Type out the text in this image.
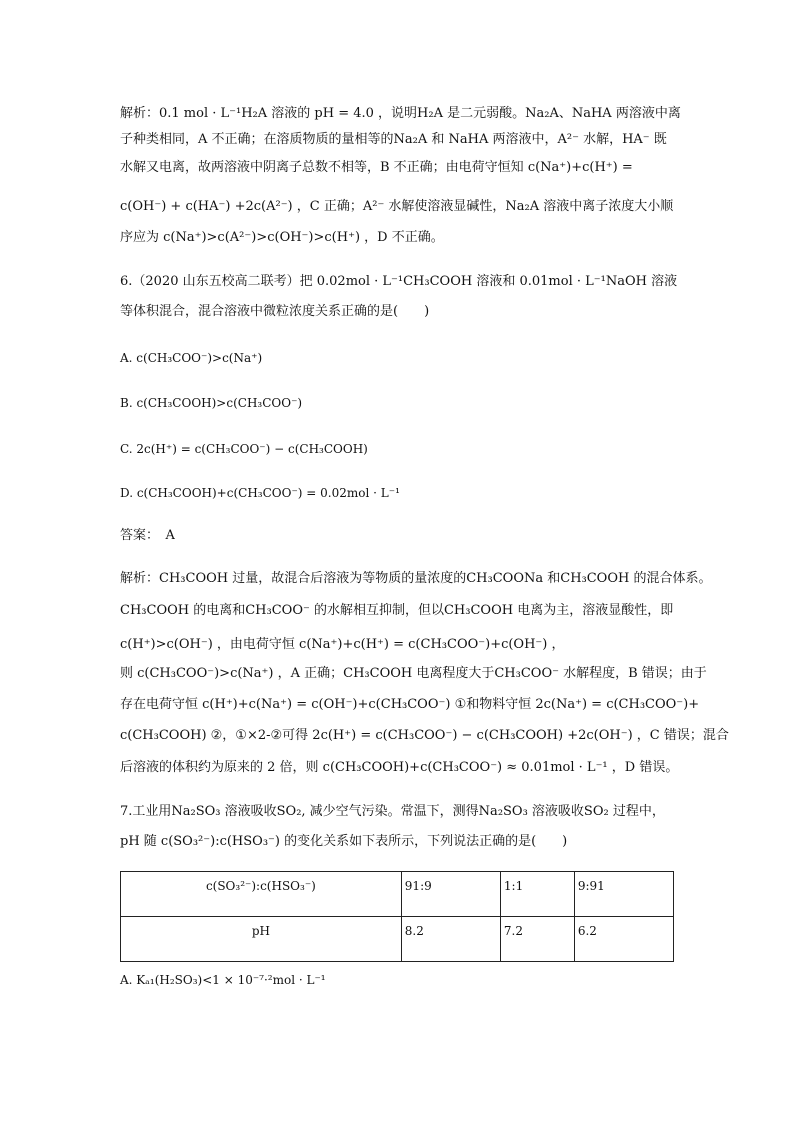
解析：0.1 mol · L⁻¹H₂A 溶液的 pH = 4.0 ，说明H₂A 是二元弱酸。Na₂A、NaHA 两溶液中离
子种类相同，A 不正确；在溶质物质的量相等的Na₂A 和 NaHA 两溶液中，A²⁻ 水解，HA⁻ 既
水解又电离，故两溶液中阴离子总数不相等，B 不正确；由电荷守恒知 c(Na⁺)+c(H⁺) =
c(OH⁻) + c(HA⁻) +2c(A²⁻) ，C 正确；A²⁻ 水解使溶液显碱性，Na₂A 溶液中离子浓度大小顺
序应为 c(Na⁺)>c(A²⁻)>c(OH⁻)>c(H⁺) ，D 不正确。
6.（2020 山东五校高二联考）把 0.02mol · L⁻¹CH₃COOH 溶液和 0.01mol · L⁻¹NaOH 溶液
等体积混合，混合溶液中微粒浓度关系正确的是(　　)
A. c(CH₃COO⁻)>c(Na⁺)
B. c(CH₃COOH)>c(CH₃COO⁻)
C. 2c(H⁺) = c(CH₃COO⁻) − c(CH₃COOH)
D. c(CH₃COOH)+c(CH₃COO⁻) = 0.02mol · L⁻¹
答案：　A
解析：CH₃COOH 过量，故混合后溶液为等物质的量浓度的CH₃COONa 和CH₃COOH 的混合体系。
CH₃COOH 的电离和CH₃COO⁻ 的水解相互抑制，但以CH₃COOH 电离为主，溶液显酸性，即
c(H⁺)>c(OH⁻) ，由电荷守恒 c(Na⁺)+c(H⁺) = c(CH₃COO⁻)+c(OH⁻) ，
则 c(CH₃COO⁻)>c(Na⁺) ，A 正确；CH₃COOH 电离程度大于CH₃COO⁻ 水解程度，B 错误；由于
存在电荷守恒 c(H⁺)+c(Na⁺) = c(OH⁻)+c(CH₃COO⁻) ①和物料守恒 2c(Na⁺) = c(CH₃COO⁻)+
c(CH₃COOH) ②，①×2-②可得 2c(H⁺) = c(CH₃COO⁻) − c(CH₃COOH) +2c(OH⁻) ，C 错误；混合
后溶液的体积约为原来的 2 倍，则 c(CH₃COOH)+c(CH₃COO⁻) ≈ 0.01mol · L⁻¹ ，D 错误。
7.工业用Na₂SO₃ 溶液吸收SO₂, 减少空气污染。常温下，测得Na₂SO₃ 溶液吸收SO₂ 过程中，
pH 随 c(SO₃²⁻):c(HSO₃⁻) 的变化关系如下表所示，下列说法正确的是(　　)
c(SO₃²⁻):c(HSO₃⁻)	91:9	1:1	9:91

pH	8.2	7.2	6.2
A. Kₐ₁(H₂SO₃)<1 × 10⁻⁷·²mol · L⁻¹
